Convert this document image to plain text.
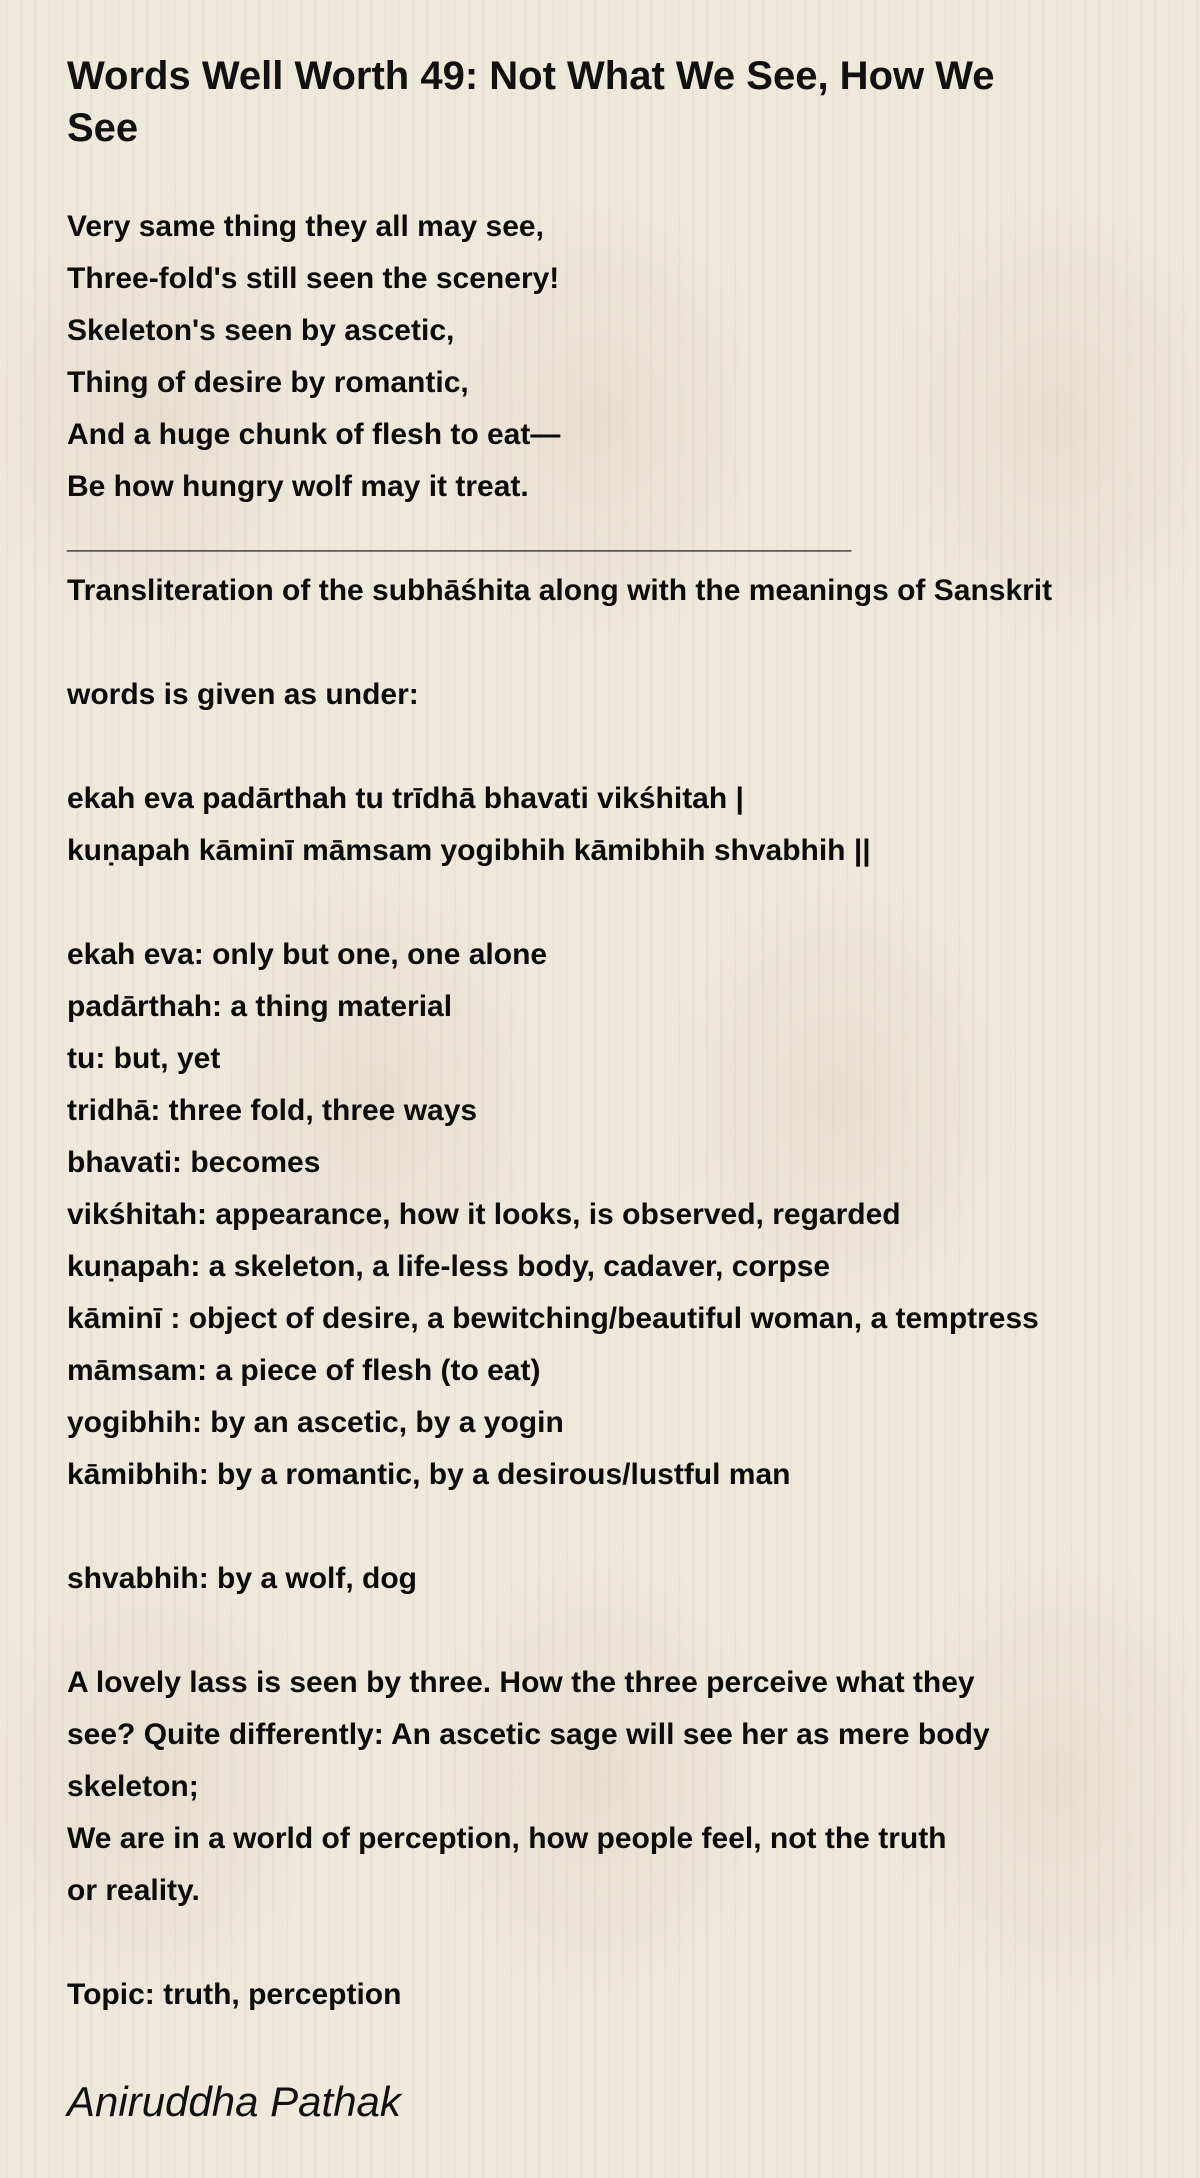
Words Well Worth 49: Not What We See, How We See
Very same thing they all may see,
Three-fold's still seen the scenery!
Skeleton's seen by ascetic,
Thing of desire by romantic,
And a huge chunk of flesh to eat—
Be how hungry wolf may it treat.
_______________________________________________
Transliteration of the subhāśhita along with the meanings of Sanskrit
words is given as under:
ekah eva padārthah tu trīdhā bhavati vikśhitah |
kuṇapah kāminī māmsam yogibhih kāmibhih shvabhih ||
ekah eva: only but one, one alone
padārthah: a thing material
tu: but, yet
tridhā: three fold, three ways
bhavati: becomes
vikśhitah: appearance, how it looks, is observed, regarded
kuṇapah: a skeleton, a life-less body, cadaver, corpse
kāminī : object of desire, a bewitching/beautiful woman, a temptress
māmsam: a piece of flesh (to eat)
yogibhih: by an ascetic, by a yogin
kāmibhih: by a romantic, by a desirous/lustful man
shvabhih: by a wolf, dog
A lovely lass is seen by three. How the three perceive what they
see? Quite differently: An ascetic sage will see her as mere body
skeleton;
We are in a world of perception, how people feel, not the truth
or reality.
Topic: truth, perception
Aniruddha Pathak
